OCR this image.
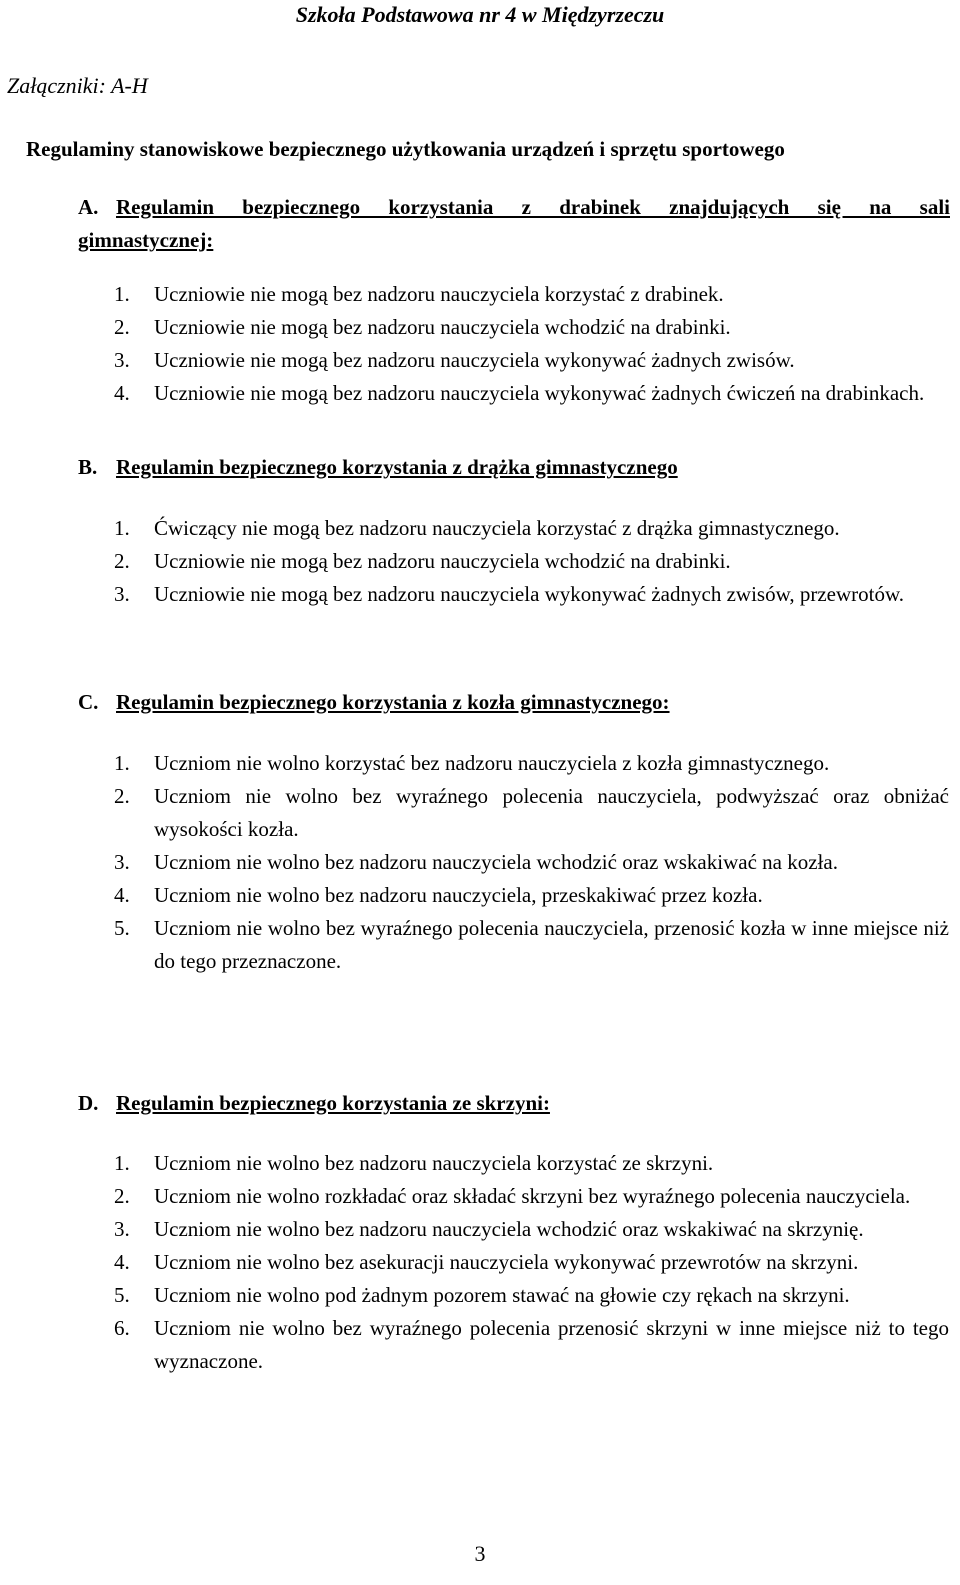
Szkoła Podstawowa nr 4 w Międzyrzeczu
Załączniki: A-H
Regulaminy stanowiskowe bezpiecznego użytkowania urządzeń i sprzętu sportowego
A. Regulamin bezpiecznego korzystania z drabinek znajdujących się na sali gimnastycznej:
1. Uczniowie nie mogą bez nadzoru nauczyciela korzystać z drabinek.
2. Uczniowie nie mogą bez nadzoru nauczyciela wchodzić na drabinki.
3. Uczniowie nie mogą bez nadzoru nauczyciela wykonywać żadnych zwisów.
4. Uczniowie nie mogą bez nadzoru nauczyciela wykonywać żadnych ćwiczeń na drabinkach.
B. Regulamin bezpiecznego korzystania z drążka gimnastycznego
1. Ćwiczący nie mogą bez nadzoru nauczyciela korzystać z drążka gimnastycznego.
2. Uczniowie nie mogą bez nadzoru nauczyciela wchodzić na drabinki.
3. Uczniowie nie mogą bez nadzoru nauczyciela wykonywać żadnych zwisów, przewrotów.
C. Regulamin bezpiecznego korzystania z kozła gimnastycznego:
1. Uczniom nie wolno korzystać bez nadzoru nauczyciela z kozła gimnastycznego.
2. Uczniom nie wolno bez wyraźnego polecenia nauczyciela, podwyższać oraz obniżać wysokości kozła.
3. Uczniom nie wolno bez nadzoru nauczyciela wchodzić oraz wskakiwać na kozła.
4. Uczniom nie wolno bez nadzoru nauczyciela, przeskakiwać przez kozła.
5. Uczniom nie wolno bez wyraźnego polecenia nauczyciela, przenosić kozła w inne miejsce niż do tego przeznaczone.
D. Regulamin bezpiecznego korzystania ze skrzyni:
1. Uczniom nie wolno bez nadzoru nauczyciela korzystać ze skrzyni.
2. Uczniom nie wolno rozkładać oraz składać skrzyni bez wyraźnego polecenia nauczyciela.
3. Uczniom nie wolno bez nadzoru nauczyciela wchodzić oraz wskakiwać na skrzynię.
4. Uczniom nie wolno bez asekuracji nauczyciela wykonywać przewrotów na skrzyni.
5. Uczniom nie wolno pod żadnym pozorem stawać na głowie czy rękach na skrzyni.
6. Uczniom nie wolno bez wyraźnego polecenia przenosić skrzyni w inne miejsce niż to tego wyznaczone.
3
